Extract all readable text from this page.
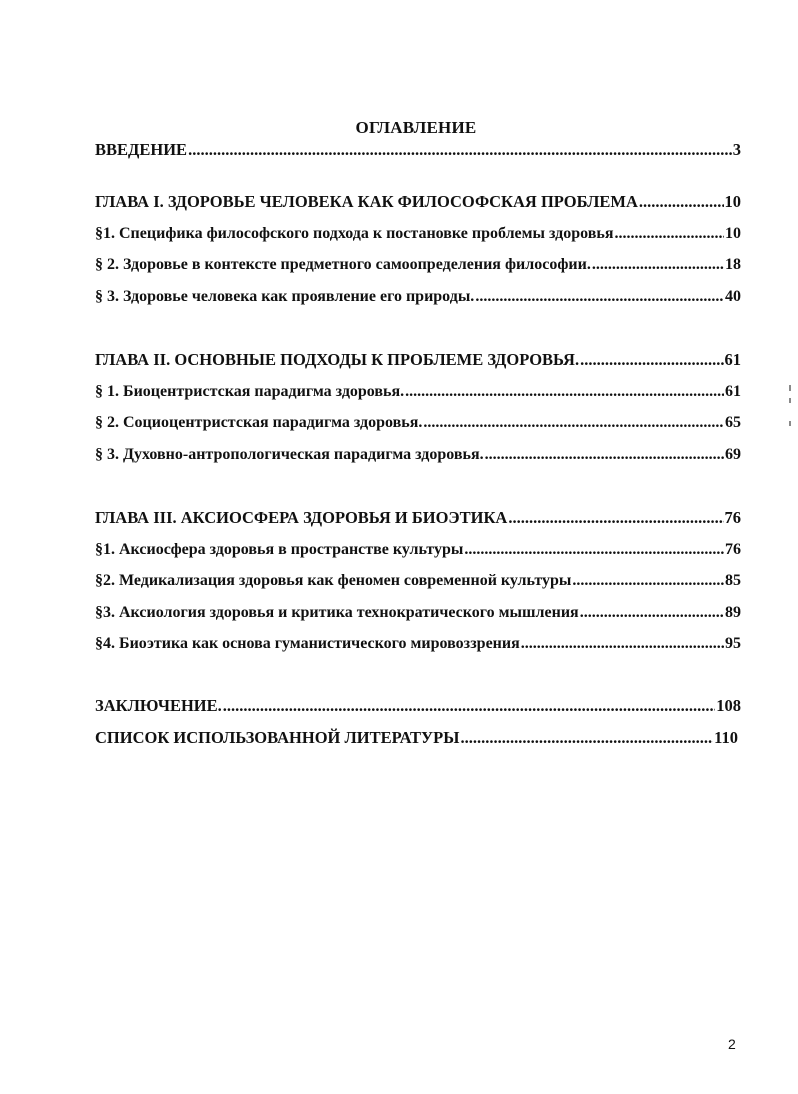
ОГЛАВЛЕНИЕ
ВВЕДЕНИЕ .....	3
ГЛАВА I. ЗДОРОВЬЕ ЧЕЛОВЕКА КАК ФИЛОСОФСКАЯ ПРОБЛЕМА .....	10
§1. Специфика философского подхода к постановке проблемы здоровья .....	10
§ 2. Здоровье в контексте предметного самоопределения философии. .....	18
§ 3. Здоровье человека как проявление его природы. .....	40
ГЛАВА II. ОСНОВНЫЕ ПОДХОДЫ К ПРОБЛЕМЕ ЗДОРОВЬЯ. .....	61
§ 1. Биоцентристская парадигма здоровья. .....	61
§ 2. Социоцентристская парадигма здоровья. .....	65
§ 3. Духовно-антропологическая парадигма здоровья. .....	69
ГЛАВА III. АКСИОСФЕРА ЗДОРОВЬЯ И БИОЭТИКА .....	76
§1. Аксиосфера здоровья в пространстве культуры .....	76
§2. Медикализация здоровья как феномен современной культуры .....	85
§3. Аксиология здоровья и критика технократического мышления .....	89
§4. Биоэтика как основа гуманистического мировоззрения .....	95
ЗАКЛЮЧЕНИЕ. .....	108
СПИСОК ИСПОЛЬЗОВАННОЙ ЛИТЕРАТУРЫ .....	110
2
